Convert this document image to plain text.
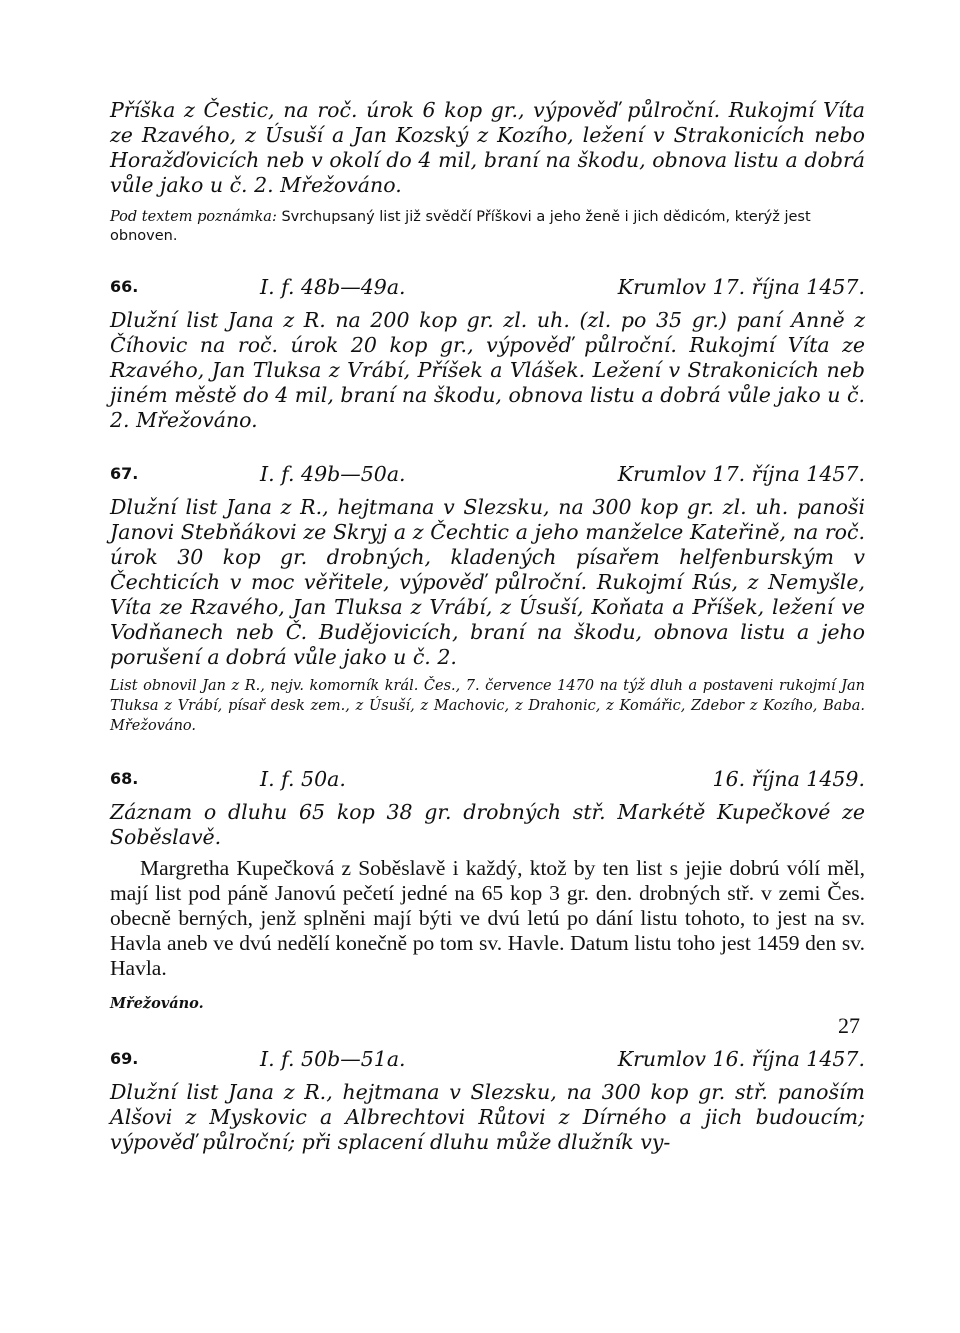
Příška z Čestic, na roč. úrok 6 kop gr., výpověď půlroční. Rukojmí Víta ze Rzavého, z Úsuší a Jan Kozský z Kozího, ležení v Strakonicích nebo Horažďovicích neb v okolí do 4 mil, braní na škodu, obnova listu a dobrá vůle jako u č. 2. Mřežováno.

Pod textem poznámka: Svrchupsaný list již svědčí Příškovi a jeho ženě i jich dědicóm, kterýž jest obnoven.

66.	I. f. 48b—49a.	Krumlov 17. října 1457.

Dlužní list Jana z R. na 200 kop gr. zl. uh. (zl. po 35 gr.) paní Anně z Číhovic na roč. úrok 20 kop gr., výpověď půlroční. Rukojmí Víta ze Rzavého, Jan Tluksa z Vrábí, Příšek a Vlášek. Ležení v Strakonicích neb jiném městě do 4 mil, braní na škodu, obnova listu a dobrá vůle jako u č. 2. Mřežováno.

67.	I. f. 49b—50a.	Krumlov 17. října 1457.

Dlužní list Jana z R., hejtmana v Slezsku, na 300 kop gr. zl. uh. panoši Janovi Stebňákovi ze Skryj a z Čechtic a jeho manželce Kateřině, na roč. úrok 30 kop gr. drobných, kladených písařem helfenburským v Čechticích v moc věřitele, výpověď půlroční. Rukojmí Rús, z Nemyšle, Víta ze Rzavého, Jan Tluksa z Vrábí, z Úsuší, Koňata a Příšek, ležení ve Vodňanech neb Č. Budějovicích, braní na škodu, obnova listu a jeho porušení a dobrá vůle jako u č. 2.

List obnovil Jan z R., nejv. komorník král. Čes., 7. července 1470 na týž dluh a postaveni rukojmí Jan Tluksa z Vrábí, písař desk zem., z Úsuší, z Machovic, z Drahonic, z Komářic, Zdebor z Kozího, Baba. Mřežováno.

68.	I. f. 50a.	16. října 1459.

Záznam o dluhu 65 kop 38 gr. drobných stř. Markétě Kupečkové ze Soběslavě.

Margretha Kupečková z Soběslavě i každý, ktož by ten list s jejie dobrú vólí měl, mají list pod páně Janovú pečetí jedné na 65 kop 3 gr. den. drobných stř. v zemi Čes. obecně berných, jenž splněni mají býti ve dvú letú po dání listu tohoto, to jest na sv. Havla aneb ve dvú nedělí konečně po tom sv. Havle. Datum listu toho jest 1459 den sv. Havla.

Mřežováno.

69.	I. f. 50b—51a.	Krumlov 16. října 1457.

Dlužní list Jana z R., hejtmana v Slezsku, na 300 kop gr. stř. panoším Alšovi z Myskovic a Albrechtovi Růtovi z Dírného a jich budoucím; výpověď půlroční; při splacení dluhu může dlužník vy-

27
